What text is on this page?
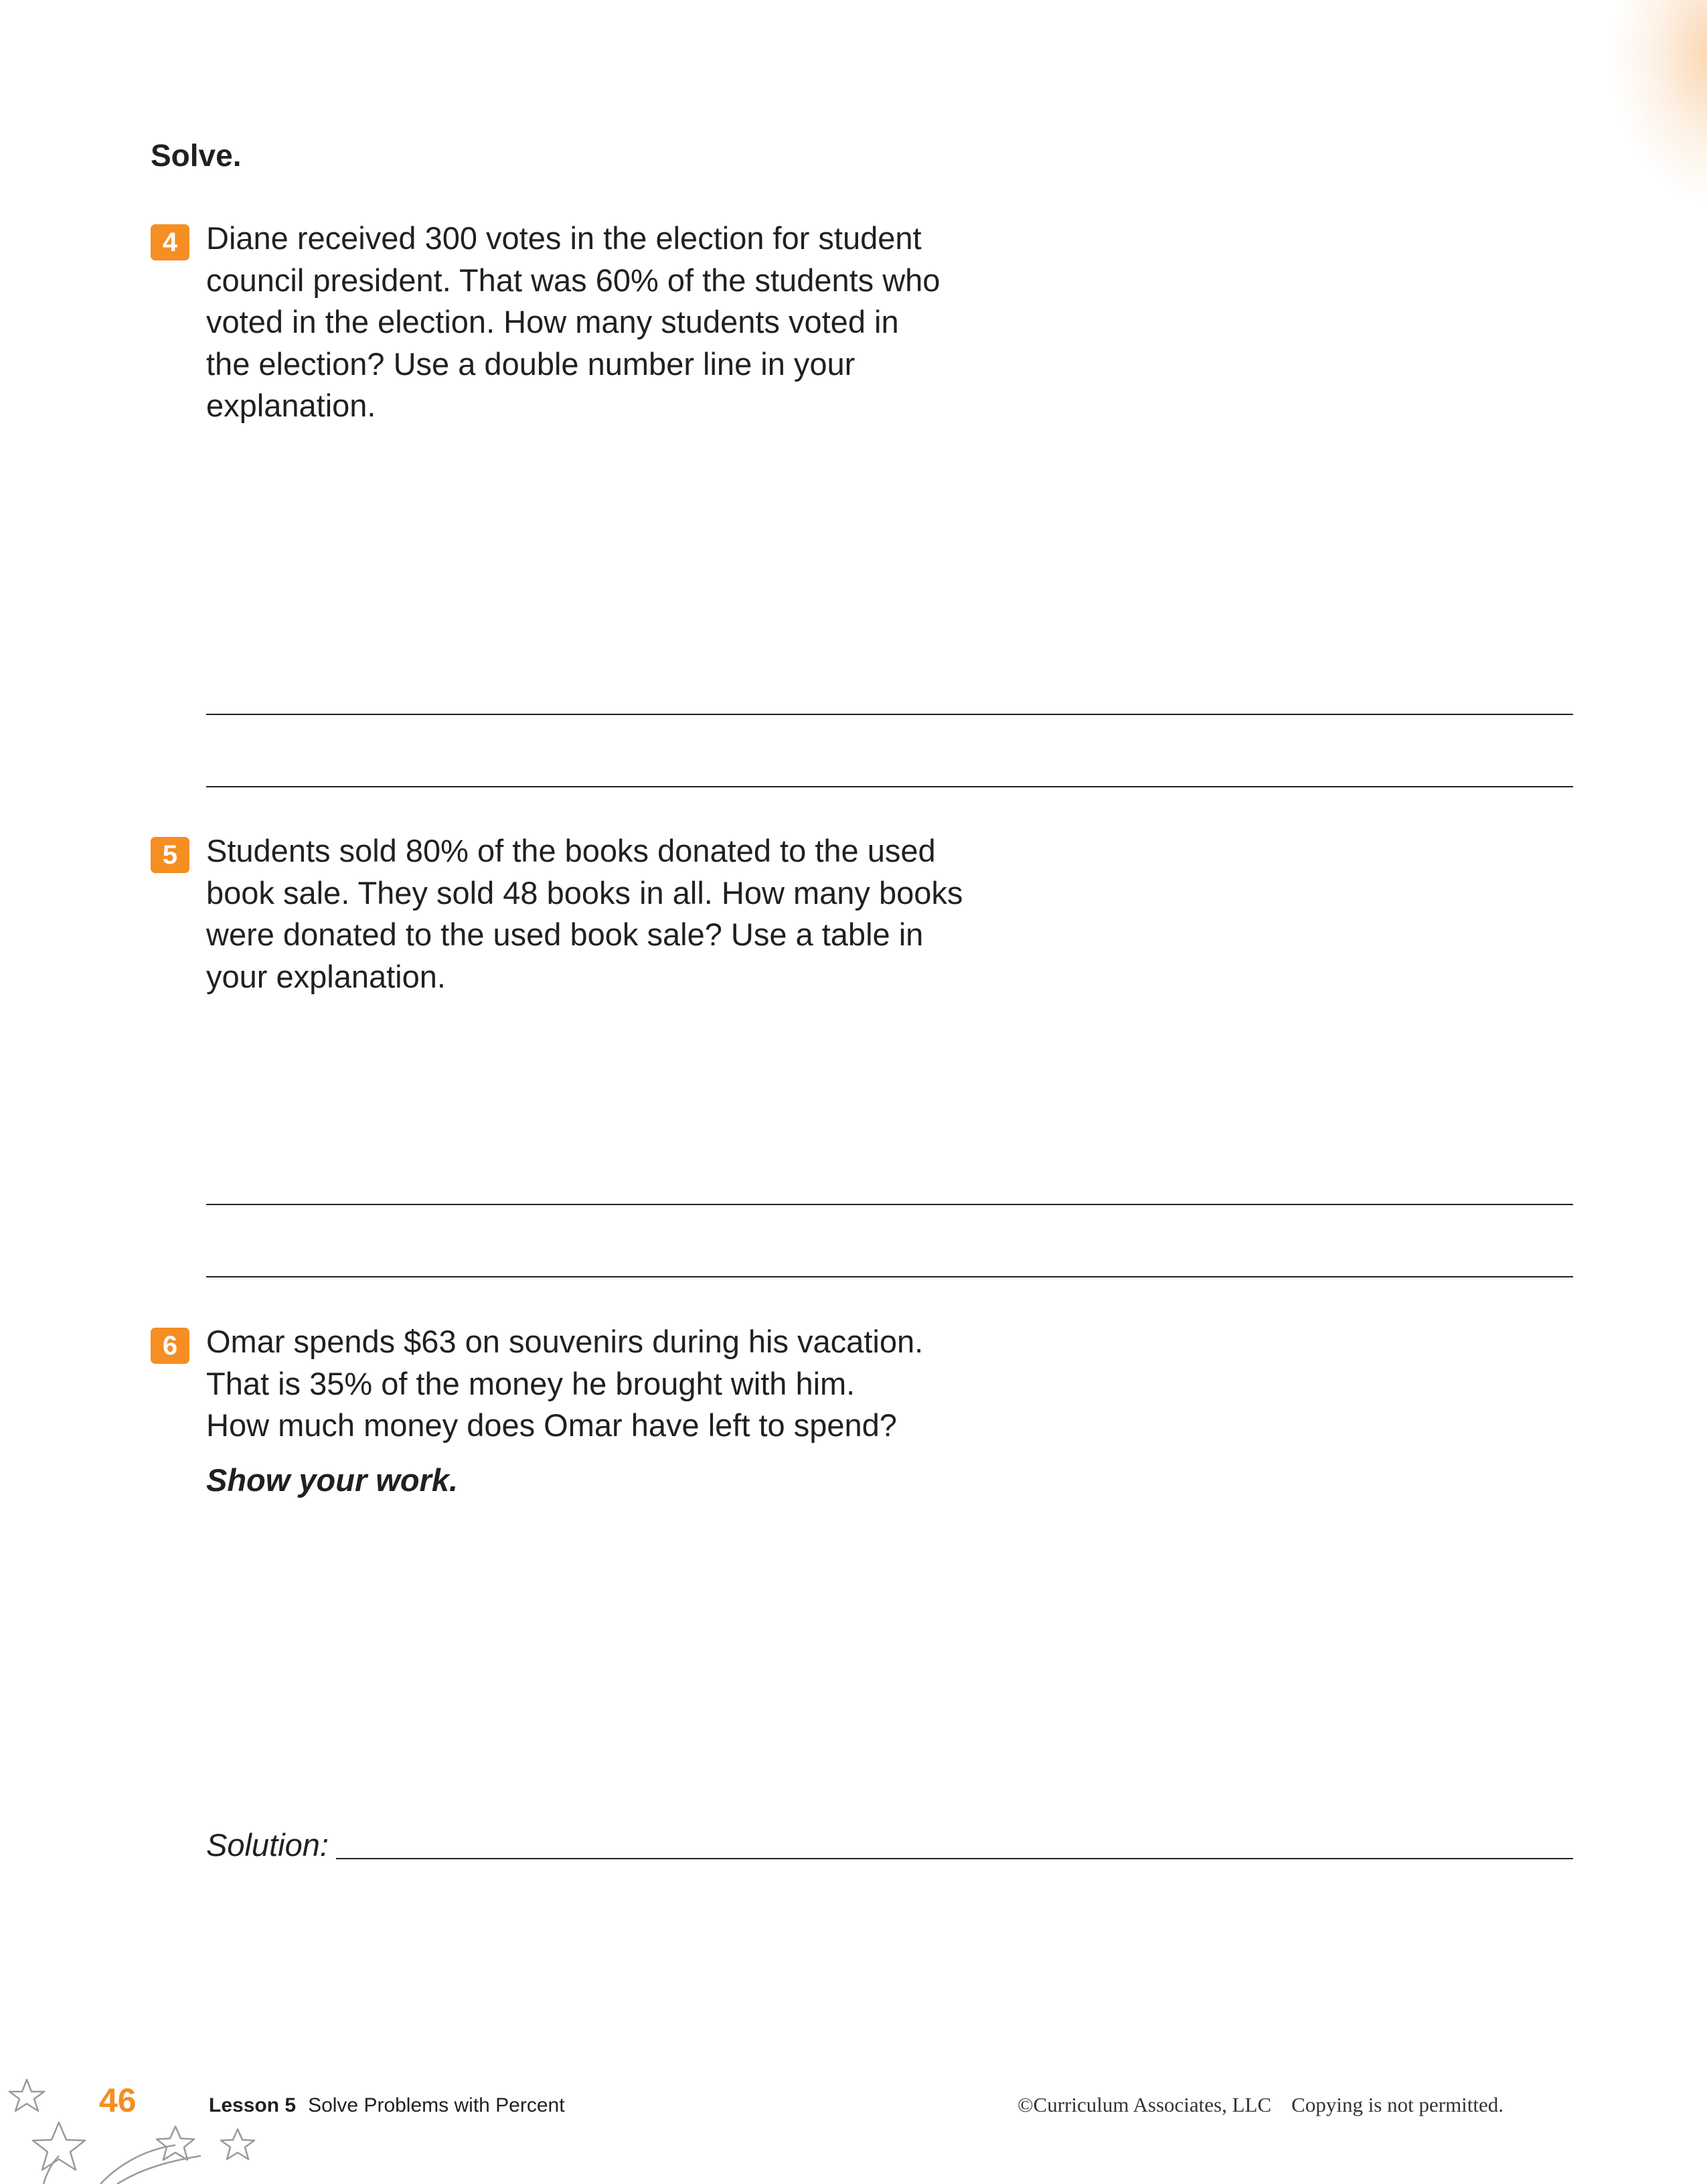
Solve.
4 Diane received 300 votes in the election for student
council president. That was 60% of the students who
voted in the election. How many students voted in
the election? Use a double number line in your
explanation.
5 Students sold 80% of the books donated to the used
book sale. They sold 48 books in all. How many books
were donated to the used book sale? Use a table in
your explanation.
6 Omar spends $63 on souvenirs during his vacation.
That is 35% of the money he brought with him.
How much money does Omar have left to spend?
Show your work.
Solution:
46	Lesson 5 Solve Problems with Percent	©Curriculum Associates, LLC Copying is not permitted.
